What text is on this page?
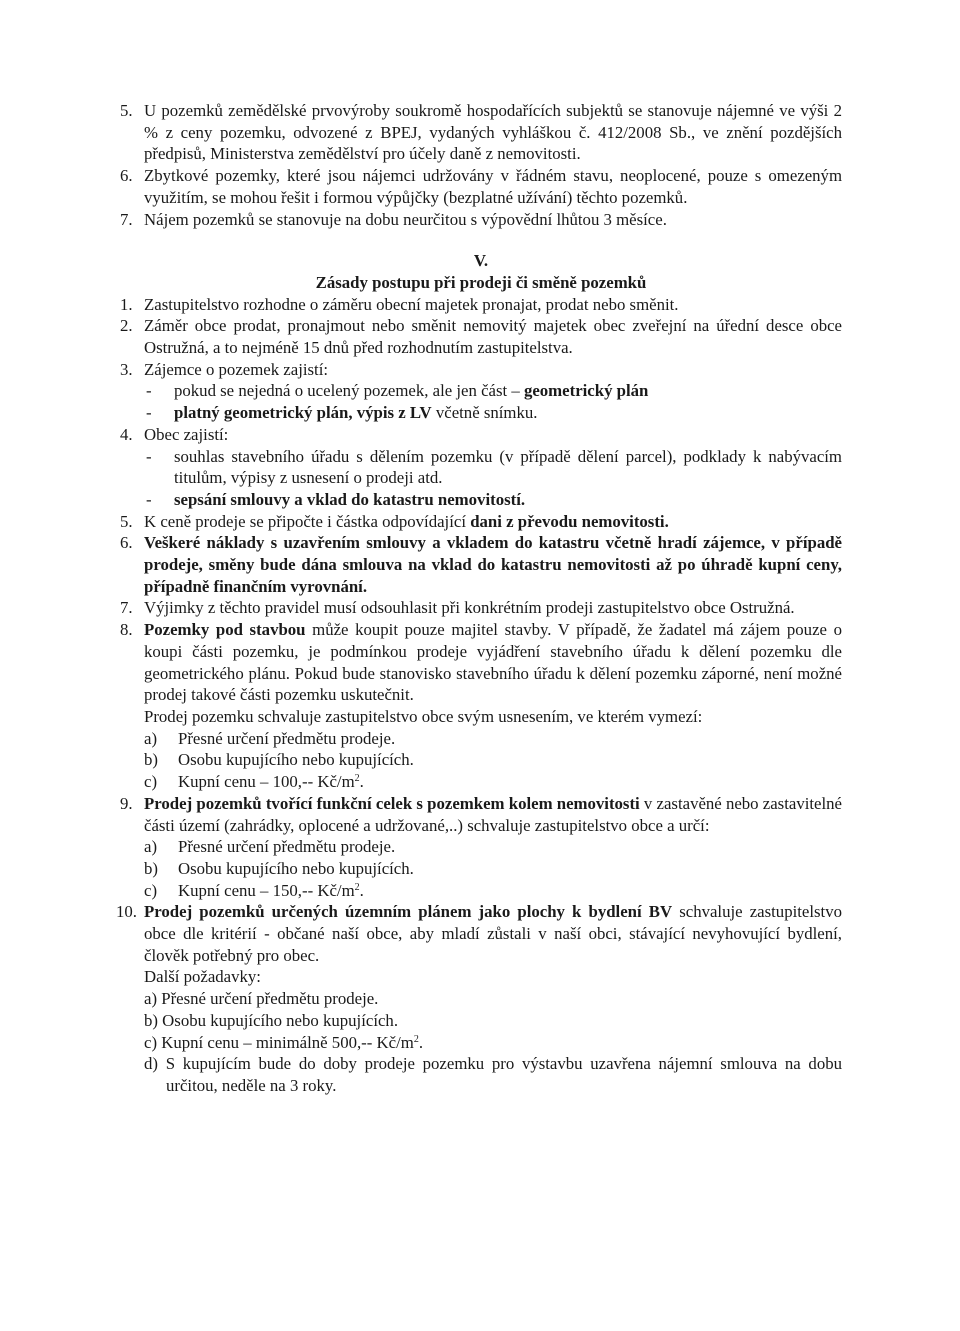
5. U pozemků zemědělské prvovýroby soukromě hospodařících subjektů se stanovuje nájemné ve výši 2 % z ceny pozemku, odvozené z BPEJ, vydaných vyhláškou č. 412/2008 Sb., ve znění pozdějších předpisů, Ministerstva zemědělství pro účely daně z nemovitosti.
6. Zbytkové pozemky, které jsou nájemci udržovány v řádném stavu, neoplocené, pouze s omezeným využitím, se mohou řešit i formou výpůjčky (bezplatné užívání) těchto pozemků.
7. Nájem pozemků se stanovuje na dobu neurčitou s výpovědní lhůtou 3 měsíce.

V.

Zásady postupu při prodeji či směně pozemků

1. Zastupitelstvo rozhodne o záměru obecní majetek pronajat, prodat nebo směnit.
2. Záměr obce prodat, pronajmout nebo směnit nemovitý majetek obec zveřejní na úřední desce obce Ostružná, a to nejméně 15 dnů před rozhodnutím zastupitelstva.
3. Zájemce o pozemek zajistí:
- pokud se nejedná o ucelený pozemek, ale jen část – geometrický plán
- platný geometrický plán, výpis z LV včetně snímku.
4. Obec zajistí:
- souhlas stavebního úřadu s dělením pozemku (v případě dělení parcel), podklady k nabývacím titulům, výpisy z usnesení o prodeji atd.
- sepsání smlouvy a vklad do katastru nemovitostí.
5. K ceně prodeje se připočte i částka odpovídající dani z převodu nemovitosti.
6. Veškeré náklady s uzavřením smlouvy a vkladem do katastru včetně hradí zájemce, v případě prodeje, směny bude dána smlouva na vklad do katastru nemovitosti až po úhradě kupní ceny, případně finančním vyrovnání.
7. Výjimky z těchto pravidel musí odsouhlasit při konkrétním prodeji zastupitelstvo obce Ostružná.
8. Pozemky pod stavbou může koupit pouze majitel stavby. V případě, že žadatel má zájem pouze o koupi části pozemku, je podmínkou prodeje vyjádření stavebního úřadu k dělení pozemku dle geometrického plánu. Pokud bude stanovisko stavebního úřadu k dělení pozemku záporné, není možné prodej takové části pozemku uskutečnit.

Prodej pozemku schvaluje zastupitelstvo obce svým usnesením, ve kterém vymezí:

a) Přesné určení předmětu prodeje.
b) Osobu kupujícího nebo kupujících.
c) Kupní cenu – 100,-- $Kč/m^2$.
9. Prodej pozemků tvořící funkční celek s pozemkem kolem nemovitosti v zastavěné nebo zastavitelné části území (zahrádky, oplocené a udržované,..) schvaluje zastupitelstvo obce a určí:
a) Přesné určení předmětu prodeje.
b) Osobu kupujícího nebo kupujících.
c) Kupní cenu – 150,-- $Kč/m^2$.
10. Prodej pozemků určených územním plánem jako plochy k bydlení BV schvaluje zastupitelstvo obce dle kritérií - občané naší obce, aby mladí zůstali v naší obci, stávající nevyhovující bydlení, člověk potřebný pro obec.

Další požadavky:

a) Přesné určení předmětu prodeje.
b) Osobu kupujícího nebo kupujících.
c) Kupní cenu – minimálně 500,-- $Kč/m^2$.
d) S kupujícím bude do doby prodeje pozemku pro výstavbu uzavřena nájemní smlouva na dobu určitou, neděle na 3 roky.
